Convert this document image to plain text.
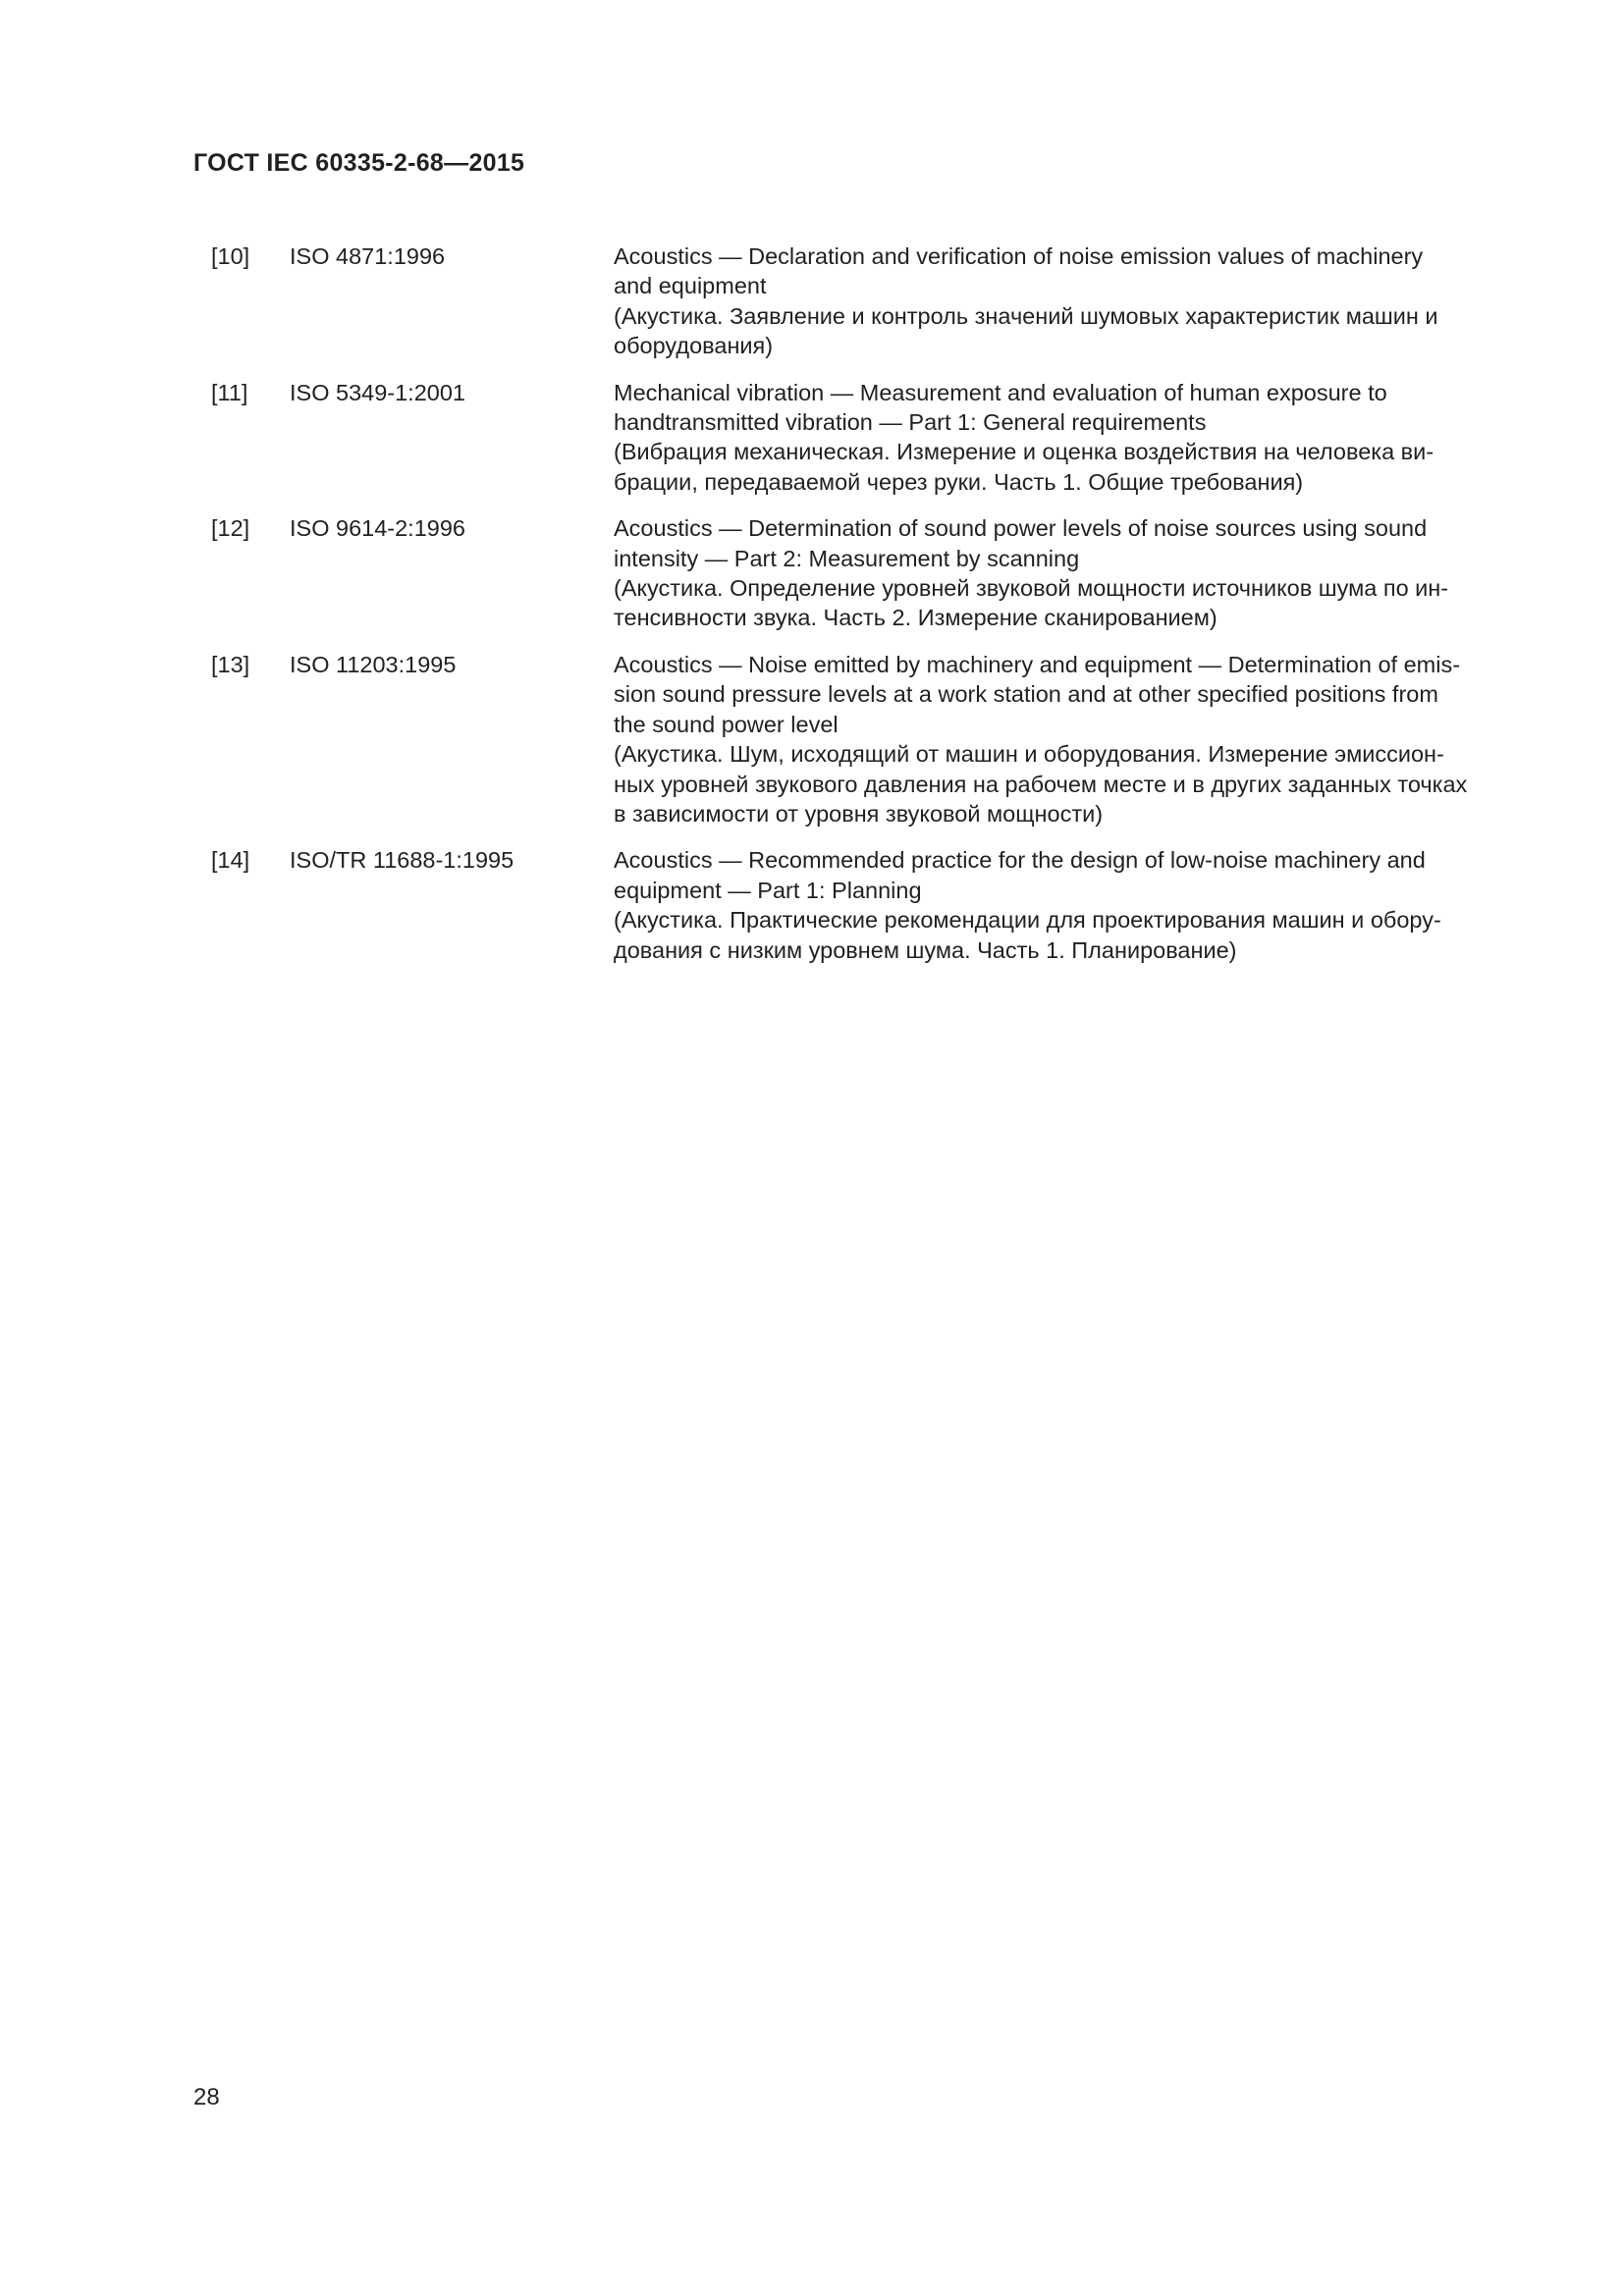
ГОСТ IEC 60335-2-68—2015
[10]	ISO 4871:1996	Acoustics — Declaration and verification of noise emission values of machinery
and equipment
(Акустика. Заявление и контроль значений шумовых характеристик машин и
оборудования)
[11]	ISO 5349-1:2001	Mechanical vibration — Measurement and evaluation of human exposure to
handtransmitted vibration — Part 1: General requirements
(Вибрация механическая. Измерение и оценка воздействия на человека ви-
брации, передаваемой через руки. Часть 1. Общие требования)
[12]	ISO 9614-2:1996	Acoustics — Determination of sound power levels of noise sources using sound
intensity — Part 2: Measurement by scanning
(Акустика. Определение уровней звуковой мощности источников шума по ин-
тенсивности звука. Часть 2. Измерение сканированием)
[13]	ISO 11203:1995	Acoustics — Noise emitted by machinery and equipment — Determination of emis-
sion sound pressure levels at a work station and at other specified positions from
the sound power level
(Акустика. Шум, исходящий от машин и оборудования. Измерение эмиссион-
ных уровней звукового давления на рабочем месте и в других заданных точках
в зависимости от уровня звуковой мощности)
[14]	ISO/TR 11688-1:1995	Acoustics — Recommended practice for the design of low-noise machinery and
equipment — Part 1: Planning
(Акустика. Практические рекомендации для проектирования машин и обору-
дования с низким уровнем шума. Часть 1. Планирование)

28
